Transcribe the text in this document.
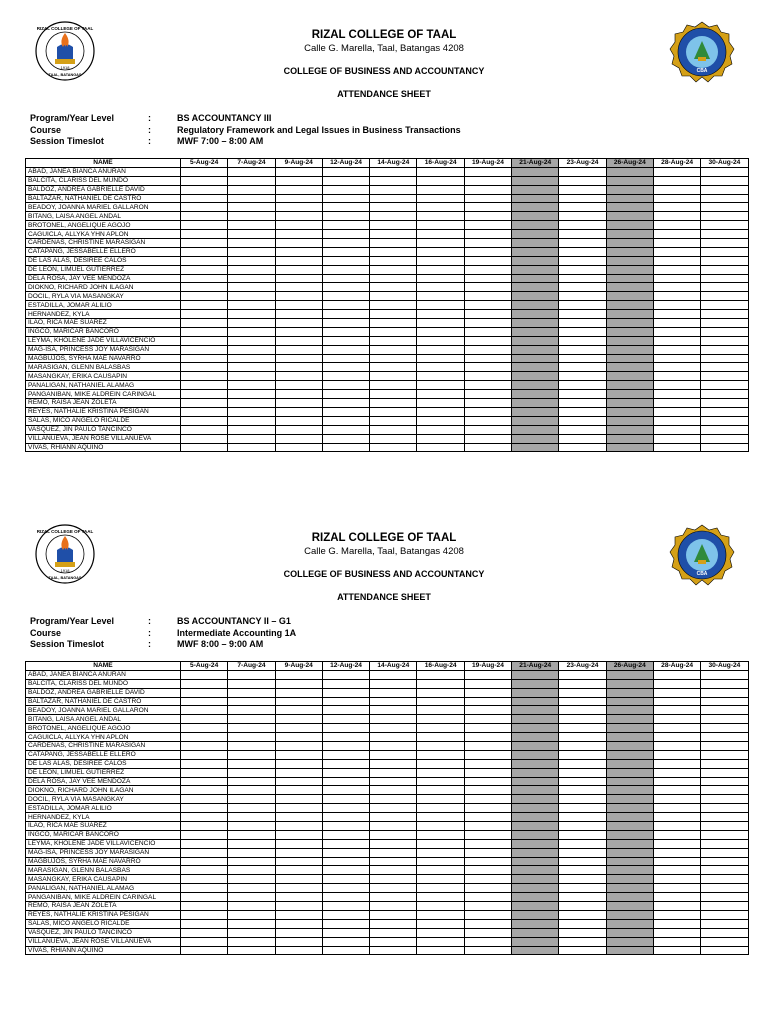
RIZAL COLLEGE OF TAAL
1918
TAAL, BATANGAS
CBA
RIZAL COLLEGE OF TAAL
Calle G. Marella, Taal, Batangas 4208
COLLEGE OF BUSINESS AND ACCOUNTANCY
ATTENDANCE SHEET
Program/Year Level	:	BS ACCOUNTANCY III
Course	:	Regulatory Framework and Legal Issues in Business Transactions
Session Timeslot	:	MWF 7:00 – 8:00 AM
NAME	5-Aug-24	7-Aug-24	9-Aug-24	12-Aug-24	14-Aug-24	16-Aug-24	19-Aug-24	21-Aug-24	23-Aug-24	26-Aug-24	28-Aug-24	30-Aug-24
ABAD, JANEA BIANCA ANURAN												
BALCITA, CLARISS DEL MUNDO												
BALDOZ, ANDREA GABRIELLE DAVID												
BALTAZAR, NATHANIEL DE CASTRO												
BEADOY, JOANNA MARIEL GALLARON												
BITANG, LAISA ANGEL ANDAL												
BROTONEL, ANGELIQUE AGOJO												
CAGUICLA, ALLYKA YHN APLON												
CARDENAS, CHRISTINE MARASIGAN												
CATAPANG, JESSABELLE ELLERO												
DE LAS ALAS, DESIREE CALOS												
DE LEON, LIMUEL GUTIERREZ												
DELA ROSA, JAY VEE MENDOZA												
DIOKNO, RICHARD JOHN ILAGAN												
DOCIL, RYLA VIA MASANGKAY												
ESTADILLA, JOMAR ALILIO												
HERNANDEZ, KYLA												
ILAO, RICA MAE SUAREZ												
INGCO, MARICAR BANCORO												
LEYMA, KHOLENE JADE VILLAVICENCIO												
MAG-ISA, PRINCESS JOY MARASIGAN												
MAGBUJOS, SYRHA MAE NAVARRO												
MARASIGAN, GLENN BALASBAS												
MASANGKAY, ERIKA CAUSAPIN												
PANALIGAN, NATHANIEL ALAMAG												
PANGANIBAN, MIKE ALDREIN CARINGAL												
REMO, RAISA JEAN ZOLETA												
REYES, NATHALIE KRISTINA PESIGAN												
SALAS, MICO ANGELO RICALDE												
VASQUEZ, JIN PAULO TANCINCO												
VILLANUEVA, JEAN ROSE VILLANUEVA												
VIVAS, RHIANN AQUINO												
RIZAL COLLEGE OF TAAL
1918
TAAL, BATANGAS
CBA
RIZAL COLLEGE OF TAAL
Calle G. Marella, Taal, Batangas 4208
COLLEGE OF BUSINESS AND ACCOUNTANCY
ATTENDANCE SHEET
Program/Year Level	:	BS ACCOUNTANCY II – G1
Course	:	Intermediate Accounting 1A
Session Timeslot	:	MWF 8:00 – 9:00 AM
NAME	5-Aug-24	7-Aug-24	9-Aug-24	12-Aug-24	14-Aug-24	16-Aug-24	19-Aug-24	21-Aug-24	23-Aug-24	26-Aug-24	28-Aug-24	30-Aug-24
ABAD, JANEA BIANCA ANURAN												
BALCITA, CLARISS DEL MUNDO												
BALDOZ, ANDREA GABRIELLE DAVID												
BALTAZAR, NATHANIEL DE CASTRO												
BEADOY, JOANNA MARIEL GALLARON												
BITANG, LAISA ANGEL ANDAL												
BROTONEL, ANGELIQUE AGOJO												
CAGUICLA, ALLYKA YHN APLON												
CARDENAS, CHRISTINE MARASIGAN												
CATAPANG, JESSABELLE ELLERO												
DE LAS ALAS, DESIREE CALOS												
DE LEON, LIMUEL GUTIERREZ												
DELA ROSA, JAY VEE MENDOZA												
DIOKNO, RICHARD JOHN ILAGAN												
DOCIL, RYLA VIA MASANGKAY												
ESTADILLA, JOMAR ALILIO												
HERNANDEZ, KYLA												
ILAO, RICA MAE SUAREZ												
INGCO, MARICAR BANCORO												
LEYMA, KHOLENE JADE VILLAVICENCIO												
MAG-ISA, PRINCESS JOY MARASIGAN												
MAGBUJOS, SYRHA MAE NAVARRO												
MARASIGAN, GLENN BALASBAS												
MASANGKAY, ERIKA CAUSAPIN												
PANALIGAN, NATHANIEL ALAMAG												
PANGANIBAN, MIKE ALDREIN CARINGAL												
REMO, RAISA JEAN ZOLETA												
REYES, NATHALIE KRISTINA PESIGAN												
SALAS, MICO ANGELO RICALDE												
VASQUEZ, JIN PAULO TANCINCO												
VILLANUEVA, JEAN ROSE VILLANUEVA												
VIVAS, RHIANN AQUINO												
